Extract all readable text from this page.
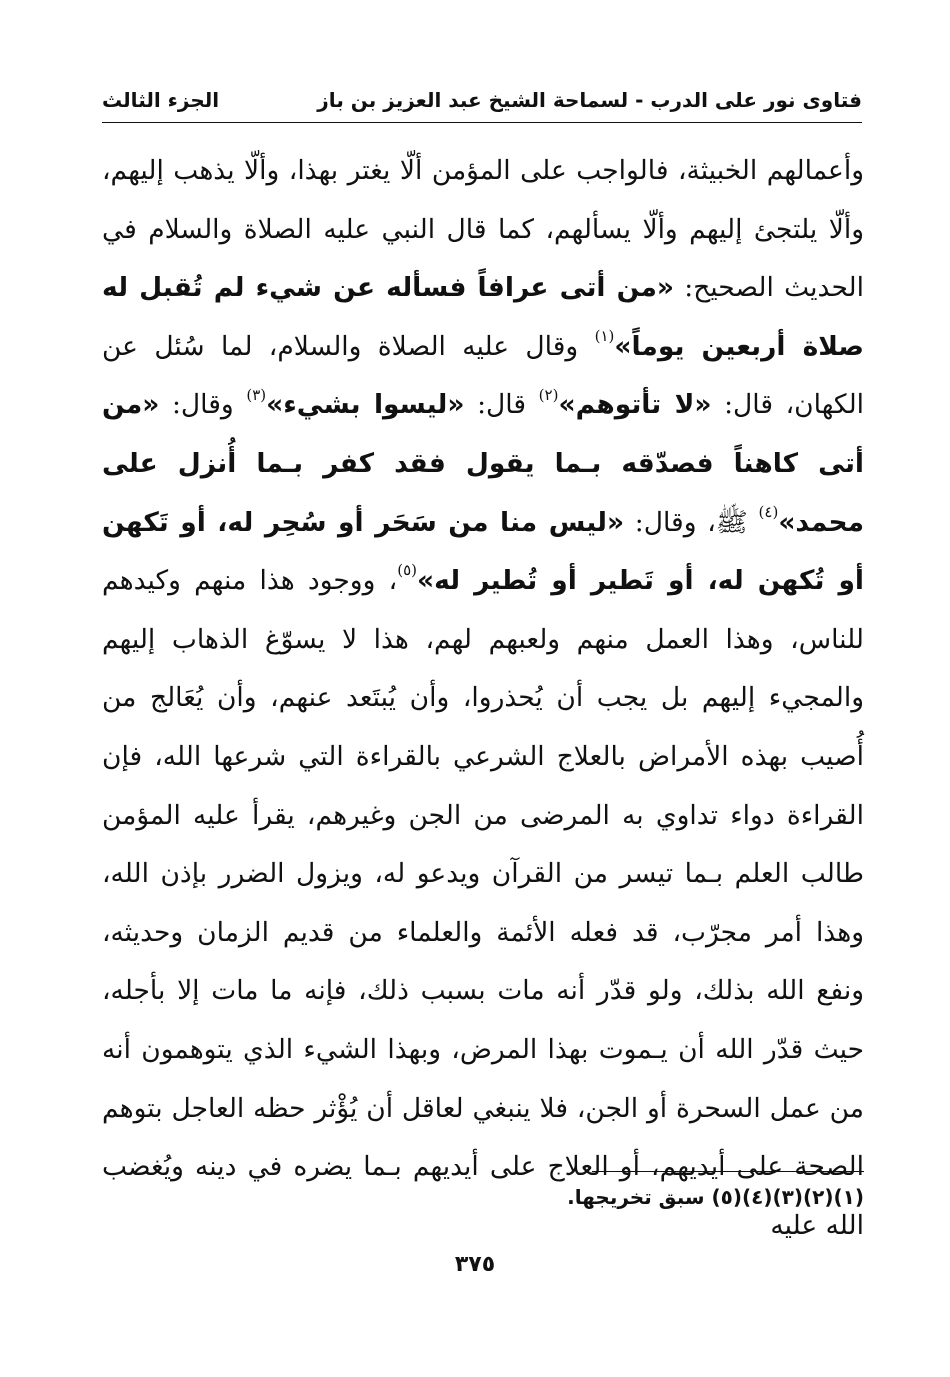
فتاوى نور على الدرب - لسماحة الشيخ عبد العزيز بن باز
الجزء الثالث
وأعمالهم الخبيثة، فالواجب على المؤمن ألّا يغتر بهذا، وألّا يذهب إليهم، وألّا يلتجئ إليهم وألّا يسألهم، كما قال النبي عليه الصلاة والسلام في الحديث الصحيح: «من أتى عرافاً فسأله عن شيء لم تُقبل له صلاة أربعين يوماً»$^{(١)}$ وقال عليه الصلاة والسلام، لما سُئل عن الكهان، قال: «لا تأتوهم»$^{(٢)}$ قال: «ليسوا بشيء»$^{(٣)}$ وقال: «من أتى كاهناً فصدّقه بـما يقول فقد كفر بـما أُنزل على محمد»$^{(٤)}$ ﷺ، وقال: «ليس منا من سَحَر أو سُحِر له، أو تَكهن أو تُكهن له، أو تَطير أو تُطير له»$^{(٥)}$، ووجود هذا منهم وكيدهم للناس، وهذا العمل منهم ولعبهم لهم، هذا لا يسوّغ الذهاب إليهم والمجيء إليهم بل يجب أن يُحذروا، وأن يُبتَعد عنهم، وأن يُعَالج من أُصيب بهذه الأمراض بالعلاج الشرعي بالقراءة التي شرعها الله، فإن القراءة دواء تداوي به المرضى من الجن وغيرهم، يقرأ عليه المؤمن طالب العلم بـما تيسر من القرآن ويدعو له، ويزول الضرر بإذن الله، وهذا أمر مجرّب، قد فعله الأئمة والعلماء من قديم الزمان وحديثه، ونفع الله بذلك، ولو قدّر أنه مات بسبب ذلك، فإنه ما مات إلا بأجله، حيث قدّر الله أن يـموت بهذا المرض، وبهذا الشيء الذي يتوهمون أنه من عمل السحرة أو الجن، فلا ينبغي لعاقل أن يُؤْثر حظه العاجل بتوهم الصحة على أيديهم، أو العلاج على أيديهم بـما يضره في دينه ويُغضب الله عليه
(١)(٢)(٣)(٤)(٥) سبق تخريجها.
٣٧٥
